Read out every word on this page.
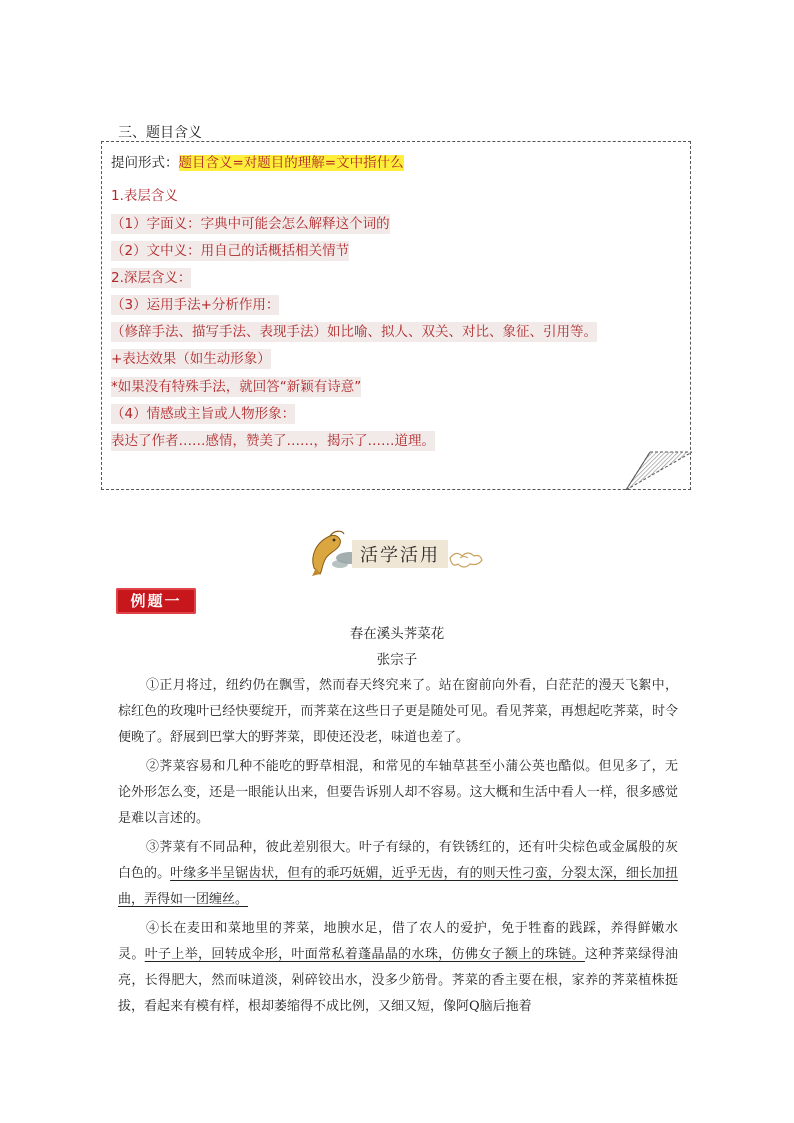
三、题目含义
提问形式：题目含义=对题目的理解=文中指什么
1.表层含义
（1）字面义：字典中可能会怎么解释这个词的
（2）文中义：用自己的话概括相关情节
2.深层含义：
（3）运用手法+分析作用：
（修辞手法、描写手法、表现手法）如比喻、拟人、双关、对比、象征、引用等。
+表达效果（如生动形象）
*如果没有特殊手法，就回答“新颖有诗意”
（4）情感或主旨或人物形象：
表达了作者……感情，赞美了……，揭示了……道理。
活学活用
例题一
春在溪头荠菜花
张宗子

①正月将过，纽约仍在飘雪，然而春天终究来了。站在窗前向外看，白茫茫的漫天飞絮中，棕红色的玫瑰叶已经快要绽开，而荠菜在这些日子更是随处可见。看见荠菜，再想起吃荠菜，时令便晚了。舒展到巴掌大的野荠菜，即使还没老，味道也差了。

②荠菜容易和几种不能吃的野草相混，和常见的车轴草甚至小蒲公英也酷似。但见多了，无论外形怎么变，还是一眼能认出来，但要告诉别人却不容易。这大概和生活中看人一样，很多感觉是难以言述的。

③荠菜有不同品种，彼此差别很大。叶子有绿的，有铁锈红的，还有叶尖棕色或金属般的灰白色的。叶缘多半呈锯齿状，但有的乖巧妩媚，近乎无齿，有的则天性刁蛮，分裂太深，细长加扭曲，弄得如一团缠丝。

④长在麦田和菜地里的荠菜，地腴水足，借了农人的爱护，免于牲畜的践踩，养得鲜嫩水灵。叶子上举，回转成伞形，叶面常私着蓬晶晶的水珠，仿佛女子额上的珠链。这种荠菜绿得油亮，长得肥大，然而味道淡，剁碎铰出水，没多少筋骨。荠菜的香主要在根，家养的荠菜植株挺拔，看起来有模有样，根却萎缩得不成比例，又细又短，像阿Q脑后拖着
